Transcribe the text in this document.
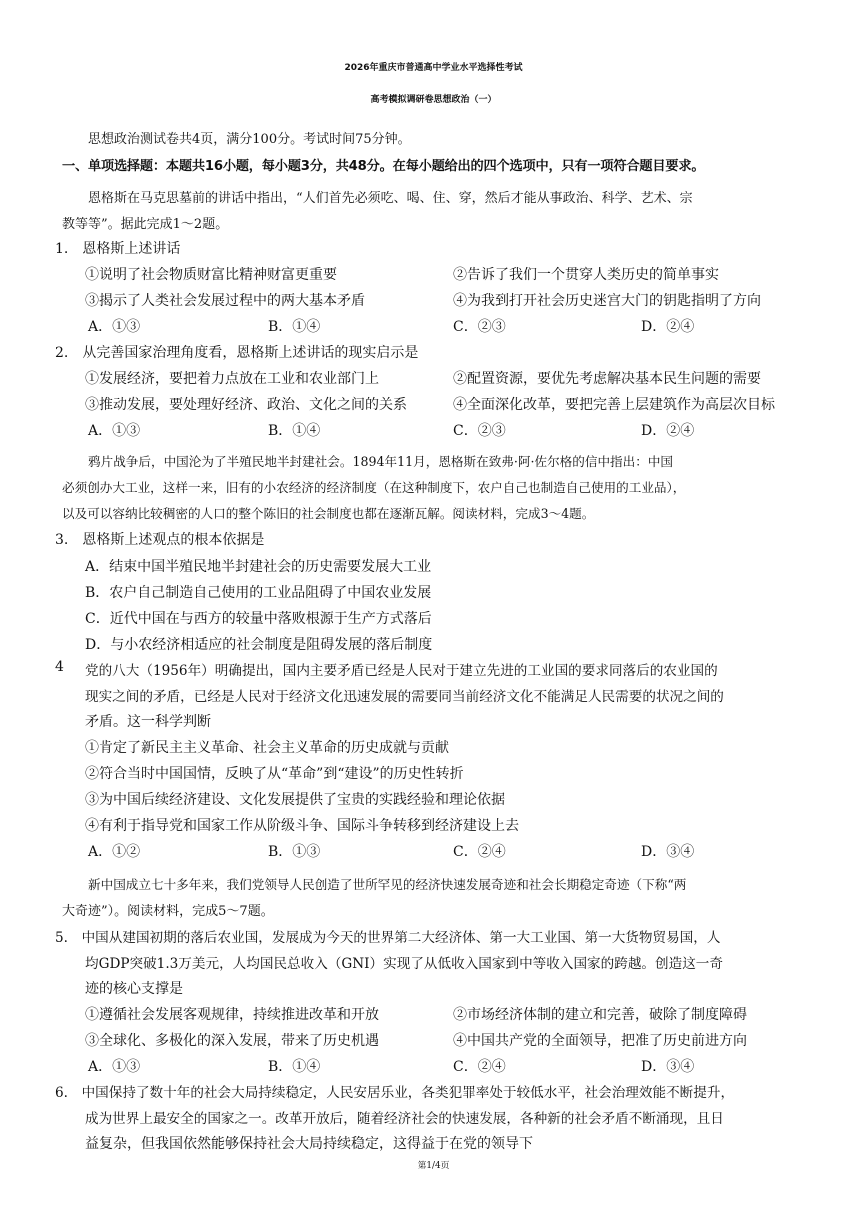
2026年重庆市普通高中学业水平选择性考试
高考模拟调研卷思想政治（一）
思想政治测试卷共4页，满分100分。考试时间75分钟。
一、单项选择题：本题共16小题，每小题3分，共48分。在每小题给出的四个选项中，只有一项符合题目要求。
恩格斯在马克思墓前的讲话中指出，“人们首先必须吃、喝、住、穿，然后才能从事政治、科学、艺术、宗
教等等”。据此完成1～2题。
1.　恩格斯上述讲话
①说明了社会物质财富比精神财富更重要	②告诉了我们一个贯穿人类历史的简单事实
③揭示了人类社会发展过程中的两大基本矛盾	④为我到打开社会历史迷宫大门的钥匙指明了方向
A．①③	B．①④	C．②③	D．②④
2.　从完善国家治理角度看，恩格斯上述讲话的现实启示是
①发展经济，要把着力点放在工业和农业部门上	②配置资源，要优先考虑解决基本民生问题的需要
③推动发展，要处理好经济、政治、文化之间的关系	④全面深化改革，要把完善上层建筑作为高层次目标
A．①③	B．①④	C．②③	D．②④
鸦片战争后，中国沦为了半殖民地半封建社会。1894年11月，恩格斯在致弗·阿·佐尔格的信中指出：中国
必须创办大工业，这样一来，旧有的小农经济的经济制度（在这种制度下，农户自己也制造自己使用的工业品），
以及可以容纳比较稠密的人口的整个陈旧的社会制度也都在逐渐瓦解。阅读材料，完成3～4题。
3.　恩格斯上述观点的根本依据是
A．结束中国半殖民地半封建社会的历史需要发展大工业
B．农户自己制造自己使用的工业品阻碍了中国农业发展
C．近代中国在与西方的较量中落败根源于生产方式落后
D．与小农经济相适应的社会制度是阻碍发展的落后制度
4 党的八大（1956年）明确提出，国内主要矛盾已经是人民对于建立先进的工业国的要求同落后的农业国的
现实之间的矛盾，已经是人民对于经济文化迅速发展的需要同当前经济文化不能满足人民需要的状况之间的
矛盾。这一科学判断
①肯定了新民主主义革命、社会主义革命的历史成就与贡献
②符合当时中国国情，反映了从“革命”到“建设”的历史性转折
③为中国后续经济建设、文化发展提供了宝贵的实践经验和理论依据
④有利于指导党和国家工作从阶级斗争、国际斗争转移到经济建设上去
A．①②	B．①③	C．②④	D．③④
新中国成立七十多年来，我们党领导人民创造了世所罕见的经济快速发展奇迹和社会长期稳定奇迹（下称“两
大奇迹”）。阅读材料，完成5～7题。
5.　中国从建国初期的落后农业国，发展成为今天的世界第二大经济体、第一大工业国、第一大货物贸易国，人
均GDP突破1.3万美元，人均国民总收入（GNI）实现了从低收入国家到中等收入国家的跨越。创造这一奇
迹的核心支撑是
①遵循社会发展客观规律，持续推进改革和开放	②市场经济体制的建立和完善，破除了制度障碍
③全球化、多极化的深入发展，带来了历史机遇	④中国共产党的全面领导，把准了历史前进方向
A．①③	B．①④	C．②④	D．③④
6.　中国保持了数十年的社会大局持续稳定，人民安居乐业，各类犯罪率处于较低水平，社会治理效能不断提升，
成为世界上最安全的国家之一。改革开放后，随着经济社会的快速发展，各种新的社会矛盾不断涌现，且日
益复杂，但我国依然能够保持社会大局持续稳定，这得益于在党的领导下
第1/4页
